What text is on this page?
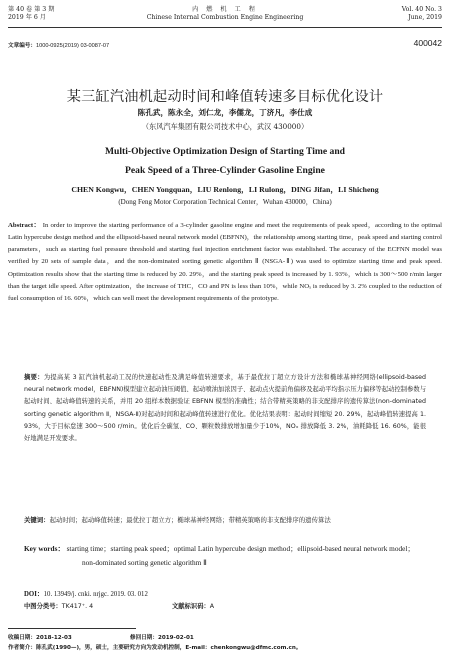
第 40 卷 第 3 期
2019 年 6 月
内 燃 机 工 程
Chinese Internal Combustion Engine Engineering
Vol. 40 No. 3
June, 2019
文章编号：1000-0925(2019) 03-0087-07	400042
某三缸汽油机起动时间和峰值转速多目标优化设计
陈孔武，陈永全，刘仁龙，李儒龙，丁济凡，李仕成
（东风汽车集团有限公司技术中心，武汉 430000）
Multi-Objective Optimization Design of Starting Time and
Peak Speed of a Three-Cylinder Gasoline Engine
CHEN Kongwu，CHEN Yongquan，LIU Renlong，LI Rulong，DING Jifan，LI Shicheng
(Dong Feng Motor Corporation Technical Center，Wuhan 430000，China)
Abstract： In order to improve the starting performance of a 3-cylinder gasoline engine and meet the requirements of peak speed，according to the optimal Latin hypercube design method and the ellipsoid-based neural network model (EBFNN)，the relationship among starting time，peak speed and starting control parameters，such as starting fuel pressure threshold and starting fuel injection enrichment factor was established. The accuracy of the ECFNN model was verified by 20 sets of sample data，and the non-dominated sorting genetic algorithm Ⅱ (NSGA-Ⅱ) was used to optimize starting time and peak speed. Optimization results show that the starting time is reduced by 20. 29%，and the starting peak speed is increased by 1. 93%，which is 300～500 r/min larger than the target idle speed. After optimization，the increase of THC，CO and PN is less than 10%，while NOₓ is reduced by 3. 2% coupled to the reduction of fuel consumption of 16. 60%，which can well meet the development requirements of the prototype.
摘要：为提高某 3 缸汽油机起动工况的快速起动性及满足峰值转速要求，基于最优拉丁超立方设计方法和椭球基神经网络(ellipsoid-based neural network model，EBFNN)模型建立起动油压阈值、起动喷油加浓因子、起动点火提前角偏移及起动平均指示压力偏移等起动控制参数与起动时间、起动峰值转速的关系，并用 20 组样本数据验证 EBFNN 模型的准确性；结合带精英策略的非支配排序的遗传算法(non-dominated sorting genetic algorithm Ⅱ，NSGA-Ⅱ)对起动时间和起动峰值转速进行优化。优化结果表明：起动时间缩短 20. 29%，起动峰值转速提高 1. 93%，大于目标怠速 300～500 r/min。优化后全碳氢、CO、颗粒数排放增加量少于10%，NOₓ 排放降低 3. 2%，油耗降低 16. 60%，能很好地满足开发要求。
关键词：起动时间；起动峰值转速；最优拉丁超立方；椭球基神经网络；带精英策略的非支配排序的遗传算法
Key words： starting time；starting peak speed；optimal Latin hypercube design method；ellipsoid-based neural network model；non-dominated sorting genetic algorithm Ⅱ
DOI：10. 13949/j. cnki. nrjgc. 2019. 03. 012
中图分类号：TK417⁺. 4	文献标识码：A
收稿日期：2018-12-03	修回日期：2019-02-01
作者简介：陈孔武(1990—)，男，硕士，主要研究方向为发动机控制，E-mail：chenkongwu@dfmc.com.cn。
